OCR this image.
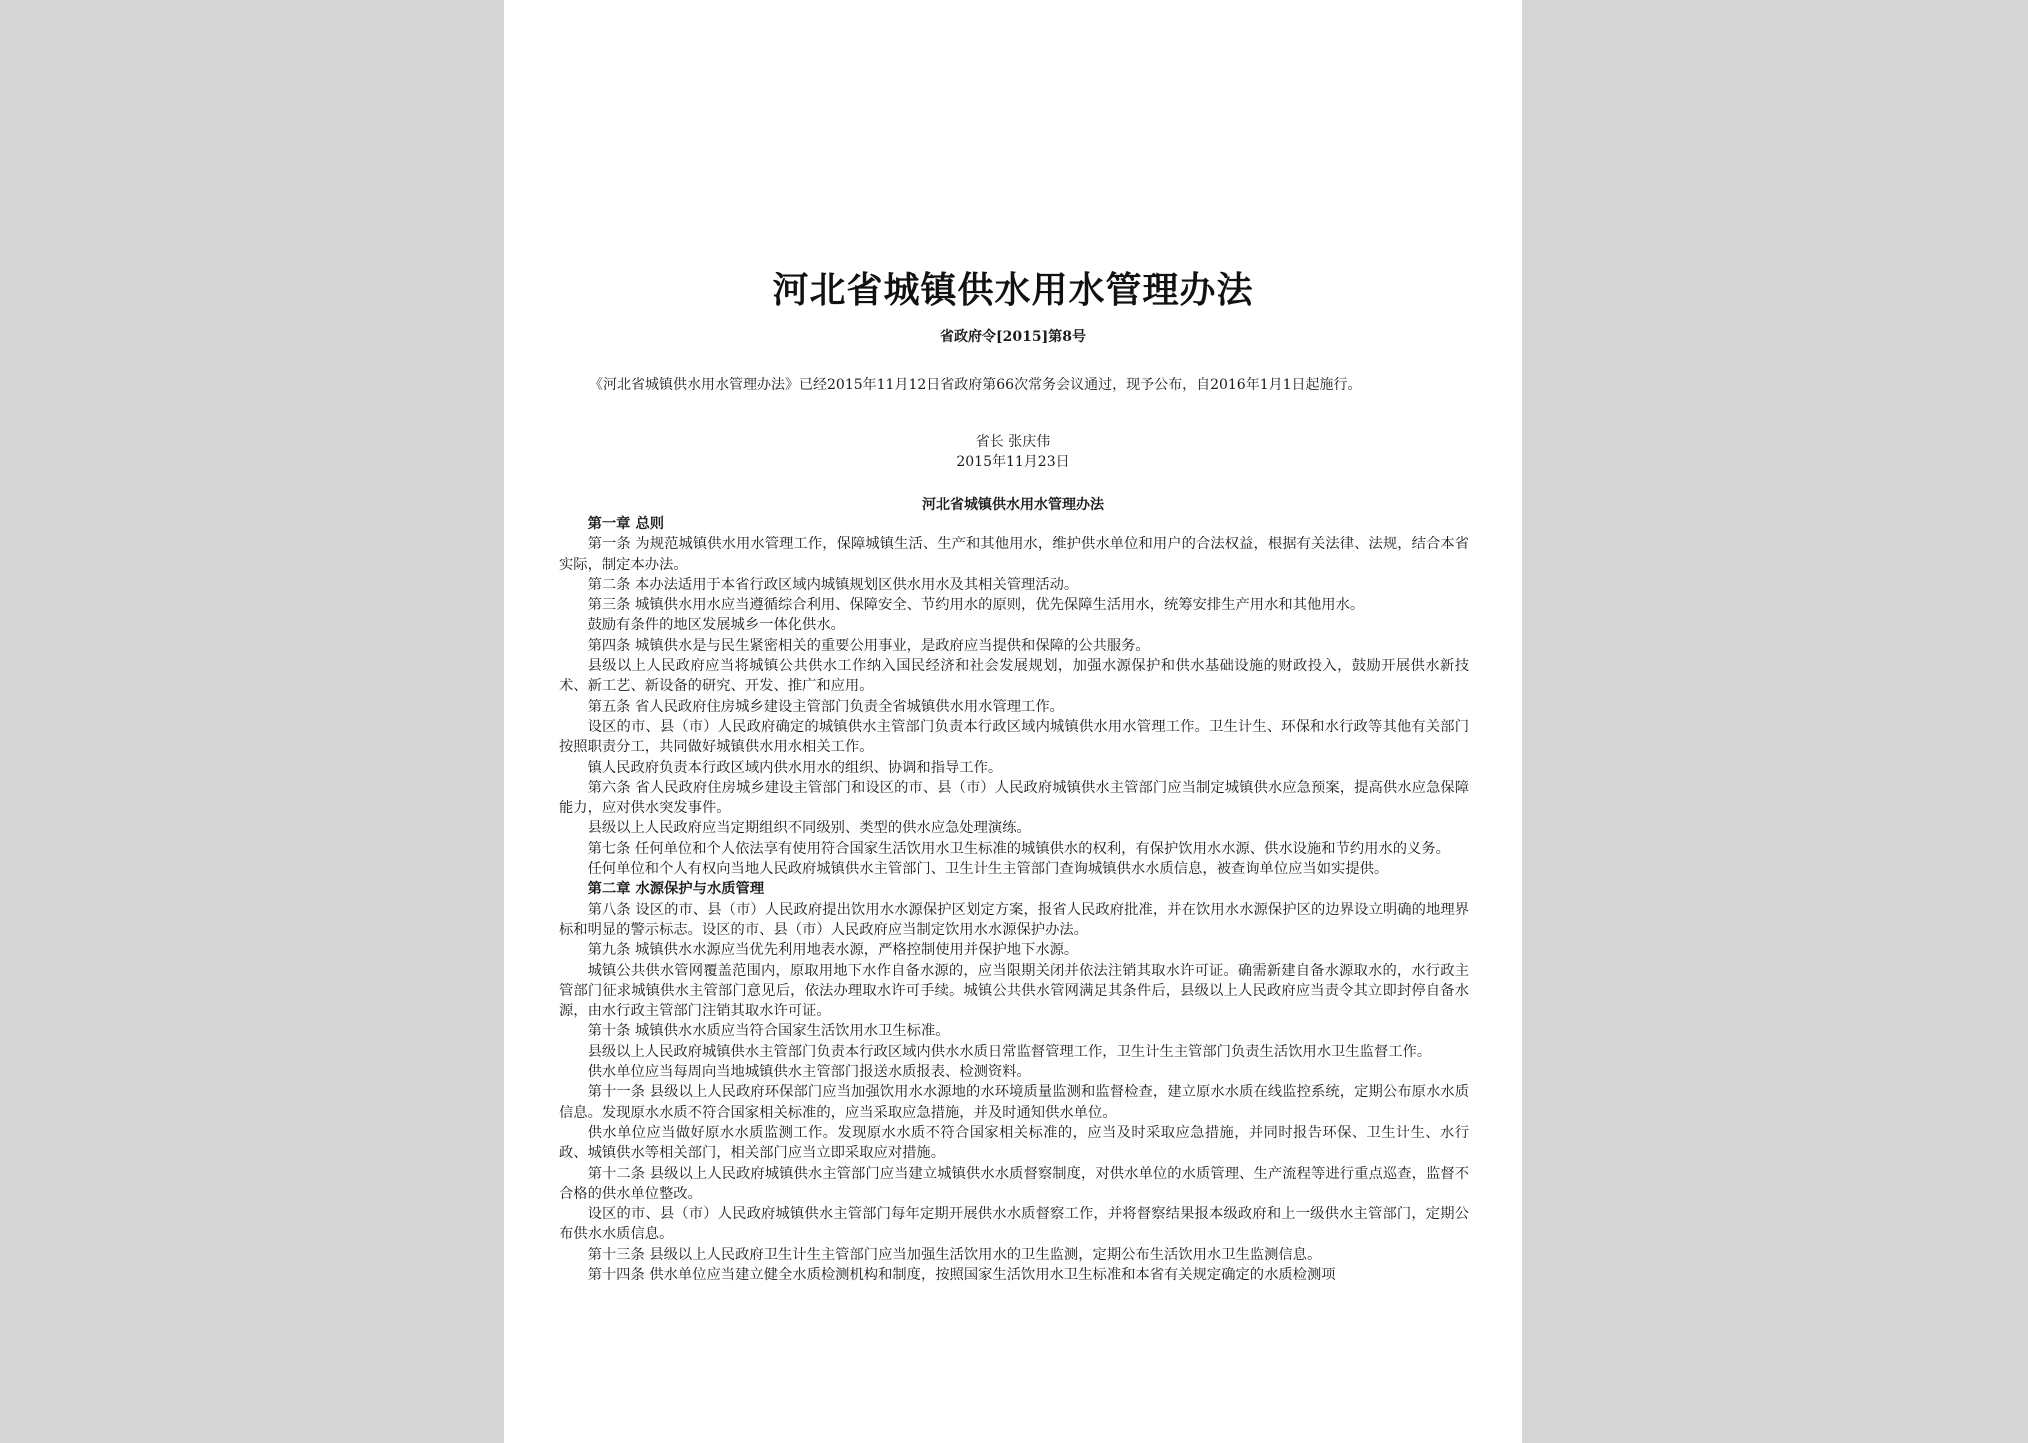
河北省城镇供水用水管理办法
省政府令[2015]第8号
《河北省城镇供水用水管理办法》已经2015年11月12日省政府第66次常务会议通过，现予公布，自2016年1月1日起施行。
省长 张庆伟
2015年11月23日
河北省城镇供水用水管理办法

第一章 总则

第一条 为规范城镇供水用水管理工作，保障城镇生活、生产和其他用水，维护供水单位和用户的合法权益，根据有关法律、法规，结合本省实际，制定本办法。

第二条 本办法适用于本省行政区域内城镇规划区供水用水及其相关管理活动。

第三条 城镇供水用水应当遵循综合利用、保障安全、节约用水的原则，优先保障生活用水，统筹安排生产用水和其他用水。

鼓励有条件的地区发展城乡一体化供水。

第四条 城镇供水是与民生紧密相关的重要公用事业，是政府应当提供和保障的公共服务。

县级以上人民政府应当将城镇公共供水工作纳入国民经济和社会发展规划，加强水源保护和供水基础设施的财政投入，鼓励开展供水新技术、新工艺、新设备的研究、开发、推广和应用。

第五条 省人民政府住房城乡建设主管部门负责全省城镇供水用水管理工作。

设区的市、县（市）人民政府确定的城镇供水主管部门负责本行政区域内城镇供水用水管理工作。卫生计生、环保和水行政等其他有关部门按照职责分工，共同做好城镇供水用水相关工作。

镇人民政府负责本行政区域内供水用水的组织、协调和指导工作。

第六条 省人民政府住房城乡建设主管部门和设区的市、县（市）人民政府城镇供水主管部门应当制定城镇供水应急预案，提高供水应急保障能力，应对供水突发事件。

县级以上人民政府应当定期组织不同级别、类型的供水应急处理演练。

第七条 任何单位和个人依法享有使用符合国家生活饮用水卫生标准的城镇供水的权利，有保护饮用水水源、供水设施和节约用水的义务。

任何单位和个人有权向当地人民政府城镇供水主管部门、卫生计生主管部门查询城镇供水水质信息，被查询单位应当如实提供。

第二章 水源保护与水质管理

第八条 设区的市、县（市）人民政府提出饮用水水源保护区划定方案，报省人民政府批准，并在饮用水水源保护区的边界设立明确的地理界标和明显的警示标志。设区的市、县（市）人民政府应当制定饮用水水源保护办法。

第九条 城镇供水水源应当优先利用地表水源，严格控制使用并保护地下水源。

城镇公共供水管网覆盖范围内，原取用地下水作自备水源的，应当限期关闭并依法注销其取水许可证。确需新建自备水源取水的，水行政主管部门征求城镇供水主管部门意见后，依法办理取水许可手续。城镇公共供水管网满足其条件后，县级以上人民政府应当责令其立即封停自备水源，由水行政主管部门注销其取水许可证。

第十条 城镇供水水质应当符合国家生活饮用水卫生标准。

县级以上人民政府城镇供水主管部门负责本行政区域内供水水质日常监督管理工作，卫生计生主管部门负责生活饮用水卫生监督工作。

供水单位应当每周向当地城镇供水主管部门报送水质报表、检测资料。

第十一条 县级以上人民政府环保部门应当加强饮用水水源地的水环境质量监测和监督检查，建立原水水质在线监控系统，定期公布原水水质信息。发现原水水质不符合国家相关标准的，应当采取应急措施，并及时通知供水单位。

供水单位应当做好原水水质监测工作。发现原水水质不符合国家相关标准的，应当及时采取应急措施，并同时报告环保、卫生计生、水行政、城镇供水等相关部门，相关部门应当立即采取应对措施。

第十二条 县级以上人民政府城镇供水主管部门应当建立城镇供水水质督察制度，对供水单位的水质管理、生产流程等进行重点巡查，监督不合格的供水单位整改。

设区的市、县（市）人民政府城镇供水主管部门每年定期开展供水水质督察工作，并将督察结果报本级政府和上一级供水主管部门，定期公布供水水质信息。

第十三条 县级以上人民政府卫生计生主管部门应当加强生活饮用水的卫生监测，定期公布生活饮用水卫生监测信息。

第十四条 供水单位应当建立健全水质检测机构和制度，按照国家生活饮用水卫生标准和本省有关规定确定的水质检测项
